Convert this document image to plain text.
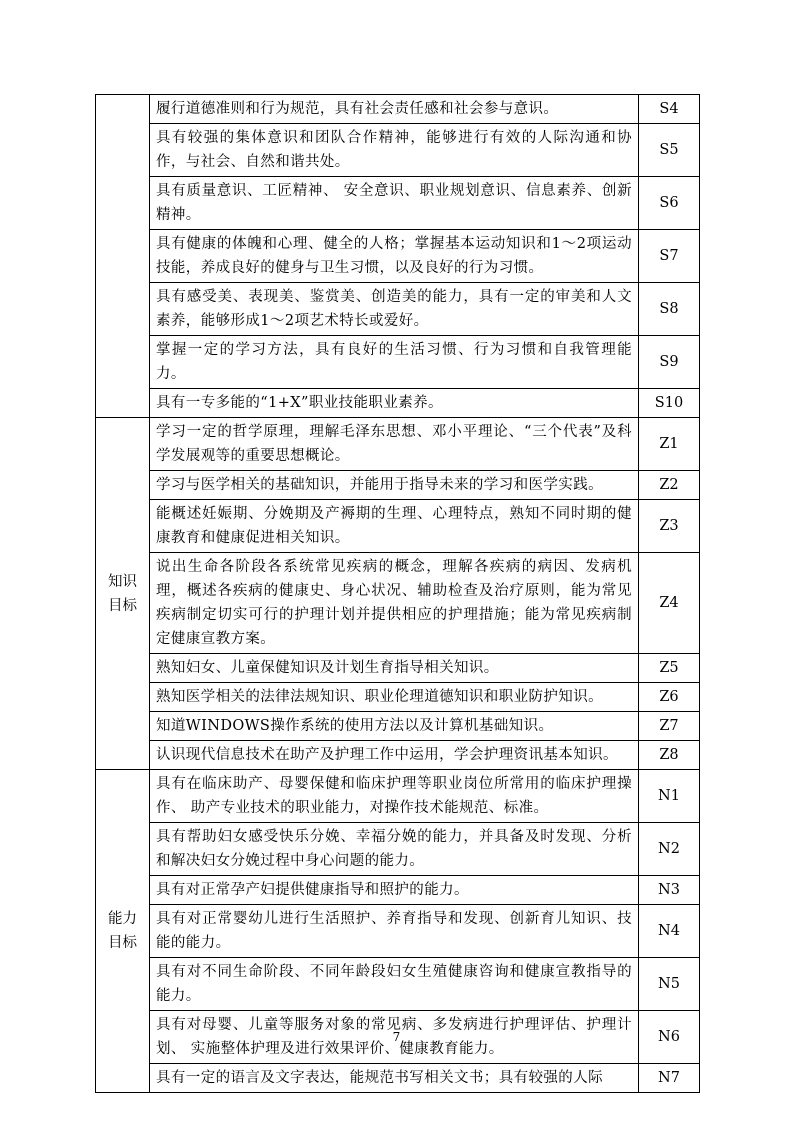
	履行道德准则和行为规范，具有社会责任感和社会参与意识。	S4
	具有较强的集体意识和团队合作精神，能够进行有效的人际沟通和协作，与社会、自然和谐共处。	S5
	具有质量意识、工匠精神、 安全意识、职业规划意识、信息素养、创新精神。	S6
	具有健康的体魄和心理、健全的人格；掌握基本运动知识和1～2项运动技能，养成良好的健身与卫生习惯，以及良好的行为习惯。	S7
	具有感受美、表现美、鉴赏美、创造美的能力，具有一定的审美和人文素养，能够形成1～2项艺术特长或爱好。	S8
	掌握一定的学习方法，具有良好的生活习惯、行为习惯和自我管理能力。	S9
	具有一专多能的“1+X”职业技能职业素养。	S10
知识目标	学习一定的哲学原理，理解毛泽东思想、邓小平理论、“三个代表”及科学发展观等的重要思想概论。	Z1
	学习与医学相关的基础知识，并能用于指导未来的学习和医学实践。	Z2
	能概述妊娠期、分娩期及产褥期的生理、心理特点，熟知不同时期的健康教育和健康促进相关知识。	Z3
	说出生命各阶段各系统常见疾病的概念，理解各疾病的病因、发病机理，概述各疾病的健康史、身心状况、辅助检查及治疗原则，能为常见疾病制定切实可行的护理计划并提供相应的护理措施；能为常见疾病制定健康宣教方案。	Z4
	熟知妇女、儿童保健知识及计划生育指导相关知识。	Z5
	熟知医学相关的法律法规知识、职业伦理道德知识和职业防护知识。	Z6
	知道WINDOWS操作系统的使用方法以及计算机基础知识。	Z7
	认识现代信息技术在助产及护理工作中运用，学会护理资讯基本知识。	Z8
能力目标	具有在临床助产、母婴保健和临床护理等职业岗位所常用的临床护理操作、 助产专业技术的职业能力，对操作技术能规范、标准。	N1
	具有帮助妇女感受快乐分娩、幸福分娩的能力，并具备及时发现、分析和解决妇女分娩过程中身心问题的能力。	N2
	具有对正常孕产妇提供健康指导和照护的能力。	N3
	具有对正常婴幼儿进行生活照护、养育指导和发现、创新育儿知识、技能的能力。	N4
	具有对不同生命阶段、不同年龄段妇女生殖健康咨询和健康宣教指导的能力。	N5
	具有对母婴、儿童等服务对象的常见病、多发病进行护理评估、护理计划、 实施整体护理及进行效果评价、健康教育能力。	N6
	具有一定的语言及文字表达，能规范书写相关文书；具有较强的人际	N7
7
